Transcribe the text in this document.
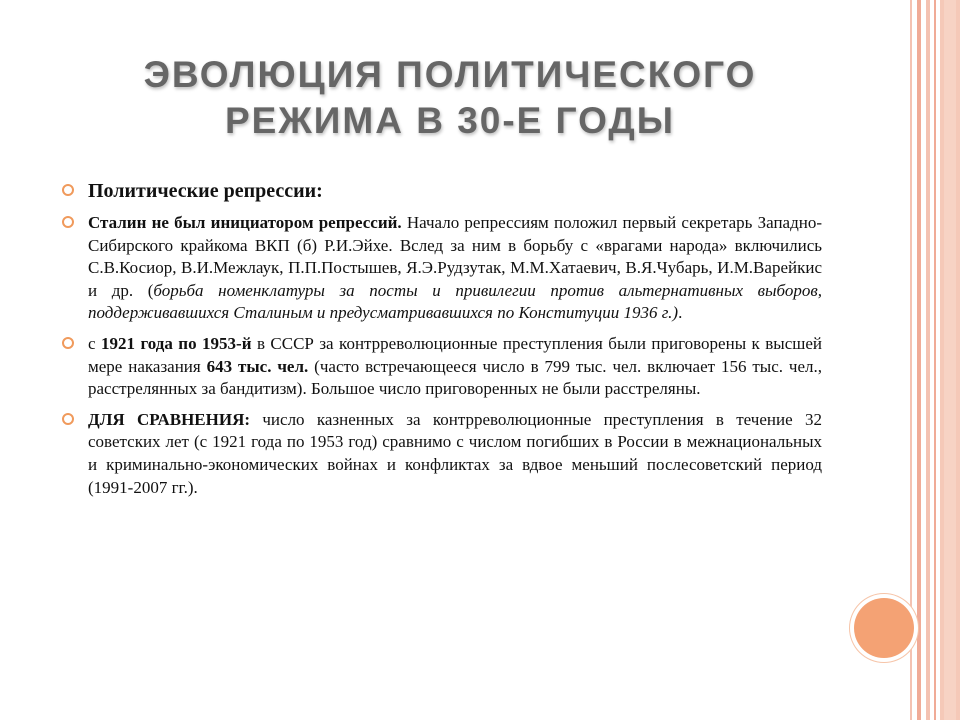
ЭВОЛЮЦИЯ ПОЛИТИЧЕСКОГО
РЕЖИМА В 30-Е ГОДЫ
Политические репрессии:
Сталин не был инициатором репрессий. Начало репрессиям положил первый секретарь Западно-Сибирского крайкома ВКП (б) Р.И.Эйхе. Вслед за ним в борьбу с «врагами народа» включились С.В.Косиор, В.И.Межлаук, П.П.Постышев, Я.Э.Рудзутак, М.М.Хатаевич, В.Я.Чубарь, И.М.Варейкис и др. (борьба номенклатуры за посты и привилегии против альтернативных выборов, поддерживавшихся Сталиным и предусматривавшихся по Конституции 1936 г.).
с 1921 года по 1953-й в СССР за контрреволюционные преступления были приговорены к высшей мере наказания 643 тыс. чел. (часто встречающееся число в 799 тыс. чел. включает 156 тыс. чел., расстрелянных за бандитизм). Большое число приговоренных не были расстреляны.
ДЛЯ СРАВНЕНИЯ: число казненных за контрреволюционные преступления в течение 32 советских лет (с 1921 года по 1953 год) сравнимо с числом погибших в России в межнациональных и криминально-экономических войнах и конфликтах за вдвое меньший послесоветский период (1991-2007 гг.).
